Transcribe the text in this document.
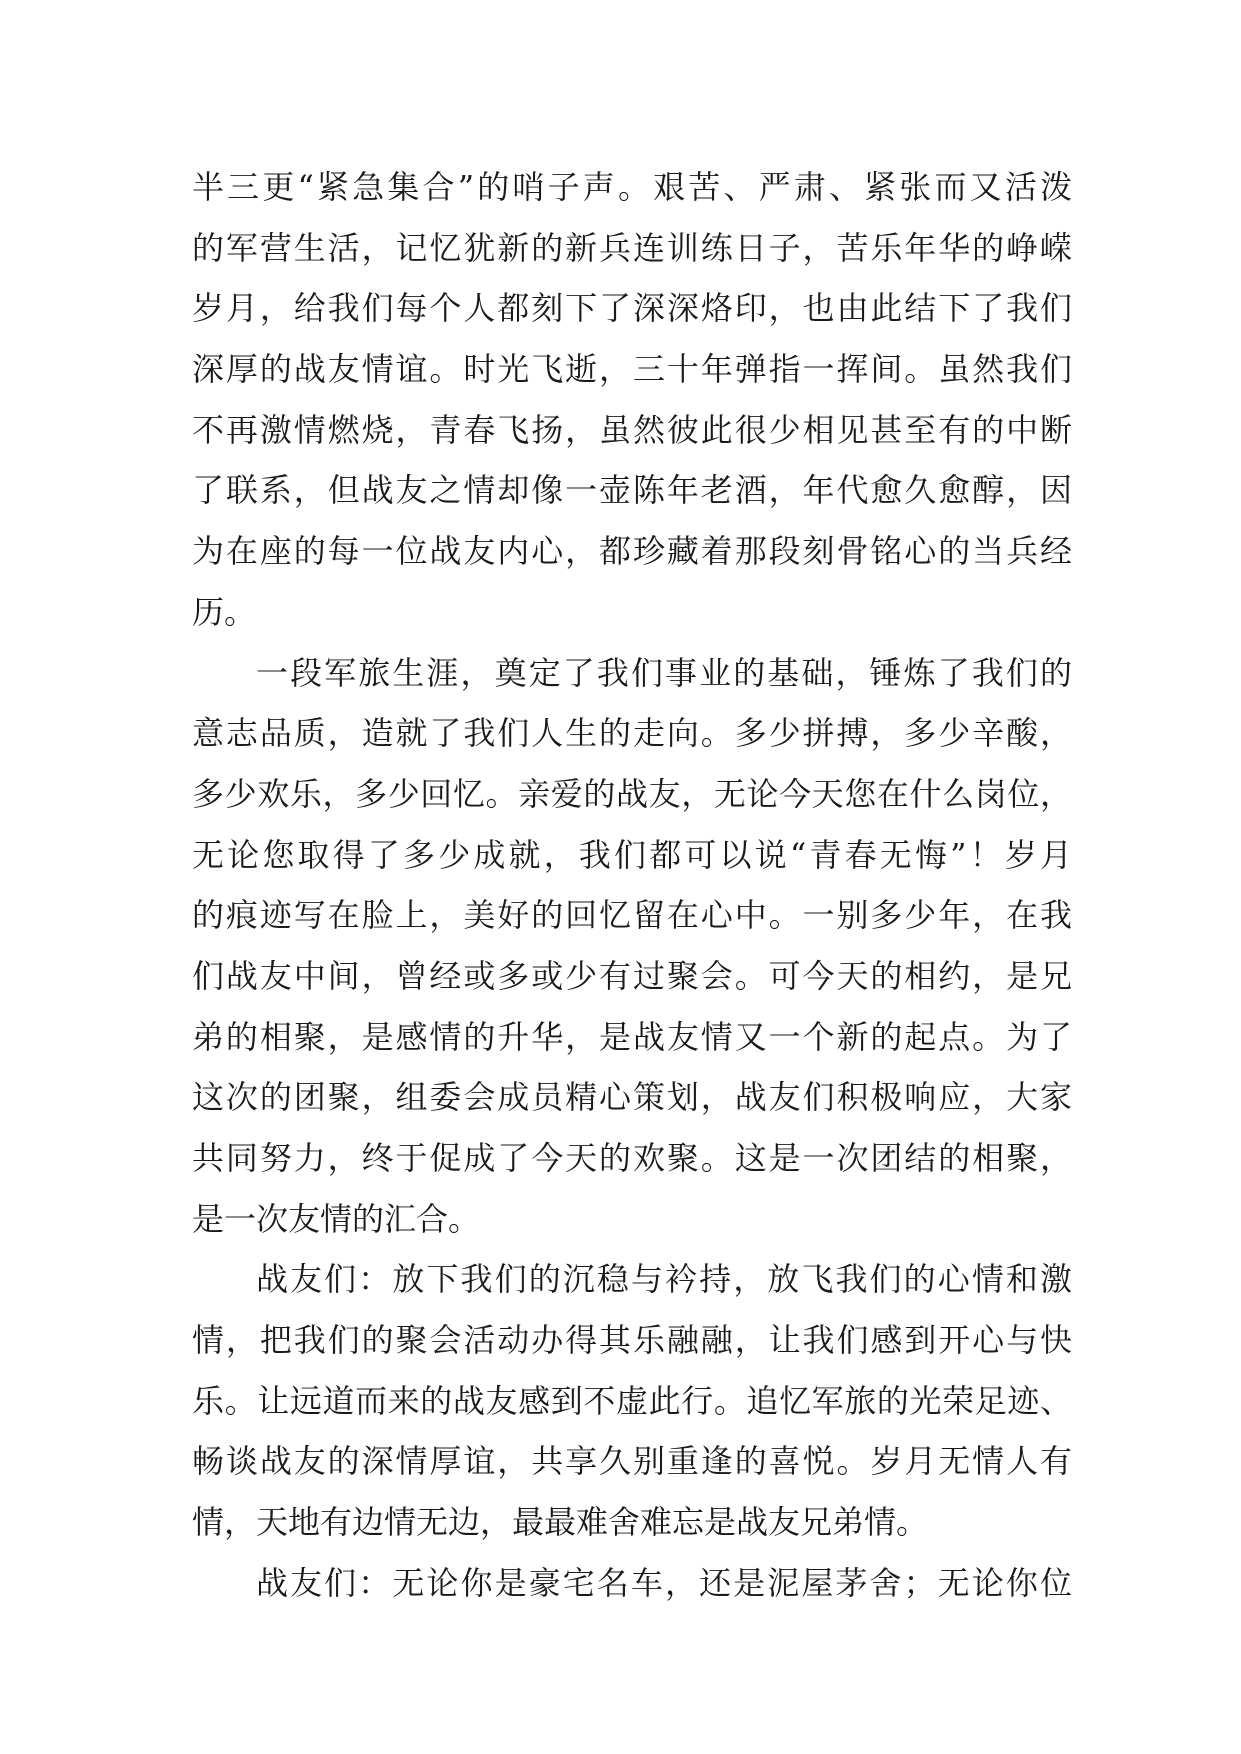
半三更“紧急集合”的哨子声。艰苦、严肃、紧张而又活泼
的军营生活，记忆犹新的新兵连训练日子，苦乐年华的峥嵘
岁月，给我们每个人都刻下了深深烙印，也由此结下了我们
深厚的战友情谊。时光飞逝，三十年弹指一挥间。虽然我们
不再激情燃烧，青春飞扬，虽然彼此很少相见甚至有的中断
了联系，但战友之情却像一壶陈年老酒，年代愈久愈醇，因
为在座的每一位战友内心，都珍藏着那段刻骨铭心的当兵经
历。
一段军旅生涯，奠定了我们事业的基础，锤炼了我们的
意志品质，造就了我们人生的走向。多少拼搏，多少辛酸，
多少欢乐，多少回忆。亲爱的战友，无论今天您在什么岗位，
无论您取得了多少成就，我们都可以说“青春无悔”！岁月
的痕迹写在脸上，美好的回忆留在心中。一别多少年，在我
们战友中间，曾经或多或少有过聚会。可今天的相约，是兄
弟的相聚，是感情的升华，是战友情又一个新的起点。为了
这次的团聚，组委会成员精心策划，战友们积极响应，大家
共同努力，终于促成了今天的欢聚。这是一次团结的相聚，
是一次友情的汇合。
战友们：放下我们的沉稳与衿持，放飞我们的心情和激
情，把我们的聚会活动办得其乐融融，让我们感到开心与快
乐。让远道而来的战友感到不虚此行。追忆军旅的光荣足迹、
畅谈战友的深情厚谊，共享久别重逢的喜悦。岁月无情人有
情，天地有边情无边，最最难舍难忘是战友兄弟情。
战友们：无论你是豪宅名车，还是泥屋茅舍；无论你位
